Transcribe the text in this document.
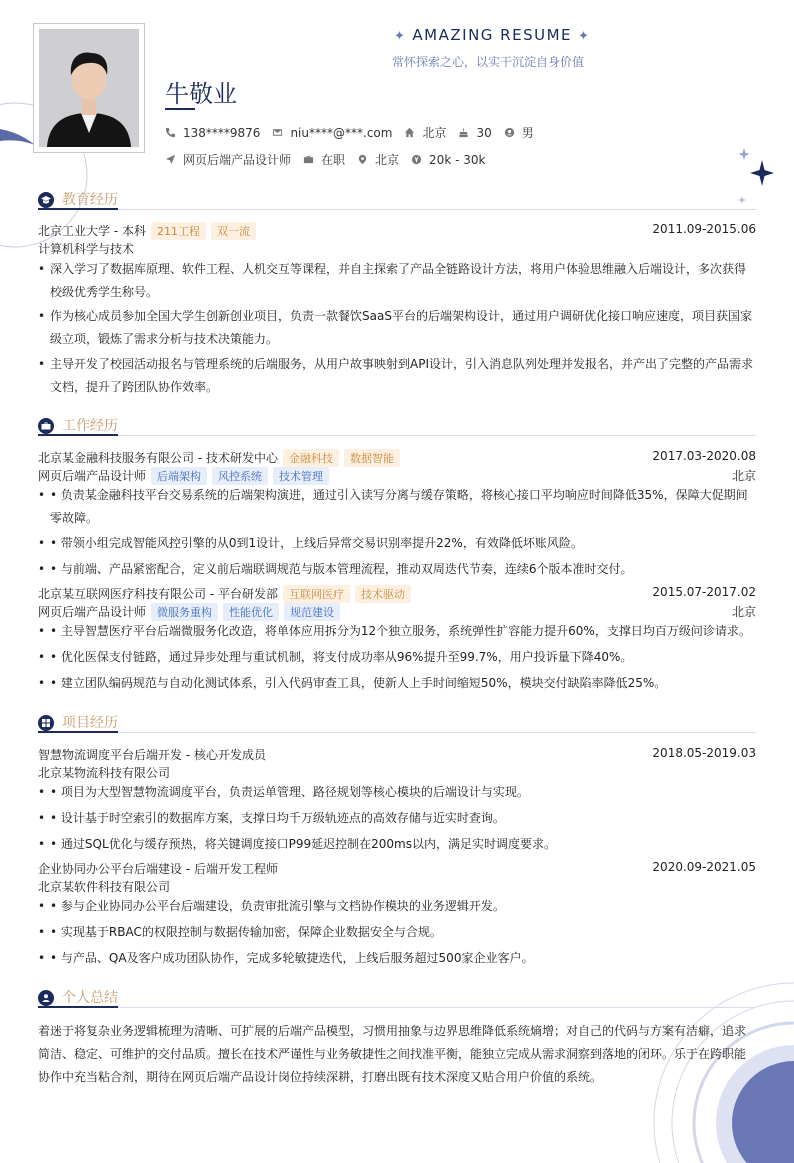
✦ AMAZING RESUME ✦
常怀探索之心，以实干沉淀自身价值
牛敬业
138****9876	niu****@***.com	北京	30	男
网页后端产品设计师	在职	北京	20k - 30k
教育经历
北京工业大学 - 本科 211工程 双一流	2011.09-2015.06
计算机科学与技术
• 深入学习了数据库原理、软件工程、人机交互等课程，并自主探索了产品全链路设计方法，将用户体验思维融入后端设计，多次获得校级优秀学生称号。
• 作为核心成员参加全国大学生创新创业项目，负责一款餐饮SaaS平台的后端架构设计，通过用户调研优化接口响应速度，项目获国家级立项，锻炼了需求分析与技术决策能力。
• 主导开发了校园活动报名与管理系统的后端服务，从用户故事映射到API设计，引入消息队列处理并发报名，并产出了完整的产品需求文档，提升了跨团队协作效率。
工作经历
北京某金融科技服务有限公司 - 技术研发中心 金融科技 数据智能	2017.03-2020.08
网页后端产品设计师 后端架构 风控系统 技术管理	北京
• • 负责某金融科技平台交易系统的后端架构演进，通过引入读写分离与缓存策略，将核心接口平均响应时间降低35%，保障大促期间零故障。
• • 带领小组完成智能风控引擎的从0到1设计，上线后异常交易识别率提升22%，有效降低坏账风险。
• • 与前端、产品紧密配合，定义前后端联调规范与版本管理流程，推动双周迭代节奏，连续6个版本准时交付。
北京某互联网医疗科技有限公司 - 平台研发部 互联网医疗 技术驱动	2015.07-2017.02
网页后端产品设计师 微服务重构 性能优化 规范建设	北京
• • 主导智慧医疗平台后端微服务化改造，将单体应用拆分为12个独立服务，系统弹性扩容能力提升60%，支撑日均百万级问诊请求。
• • 优化医保支付链路，通过异步处理与重试机制，将支付成功率从96%提升至99.7%，用户投诉量下降40%。
• • 建立团队编码规范与自动化测试体系，引入代码审查工具，使新人上手时间缩短50%，模块交付缺陷率降低25%。
项目经历
智慧物流调度平台后端开发 - 核心开发成员	2018.05-2019.03
北京某物流科技有限公司
• • 项目为大型智慧物流调度平台，负责运单管理、路径规划等核心模块的后端设计与实现。
• • 设计基于时空索引的数据库方案，支撑日均千万级轨迹点的高效存储与近实时查询。
• • 通过SQL优化与缓存预热，将关键调度接口P99延迟控制在200ms以内，满足实时调度要求。
企业协同办公平台后端建设 - 后端开发工程师	2020.09-2021.05
北京某软件科技有限公司
• • 参与企业协同办公平台后端建设，负责审批流引擎与文档协作模块的业务逻辑开发。
• • 实现基于RBAC的权限控制与数据传输加密，保障企业数据安全与合规。
• • 与产品、QA及客户成功团队协作，完成多轮敏捷迭代，上线后服务超过500家企业客户。
个人总结
着迷于将复杂业务逻辑梳理为清晰、可扩展的后端产品模型，习惯用抽象与边界思维降低系统熵增；对自己的代码与方案有洁癖，追求简洁、稳定、可维护的交付品质。擅长在技术严谨性与业务敏捷性之间找准平衡，能独立完成从需求洞察到落地的闭环。乐于在跨职能协作中充当粘合剂，期待在网页后端产品设计岗位持续深耕，打磨出既有技术深度又贴合用户价值的系统。
